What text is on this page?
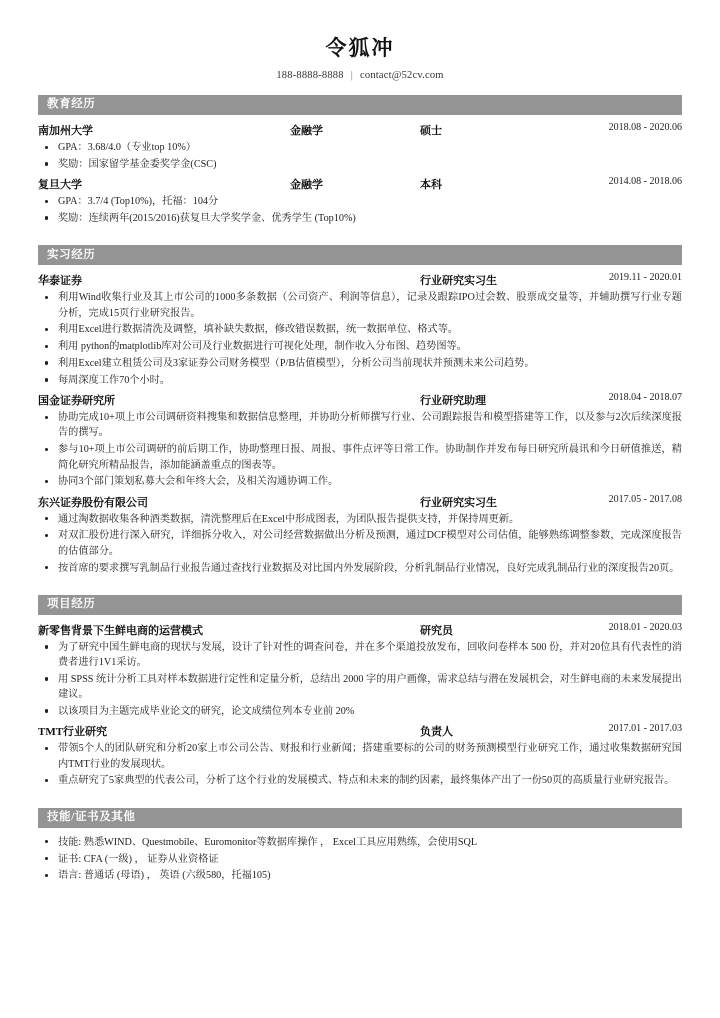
令狐冲
188-8888-8888 | contact@52cv.com
教育经历
南加州大学	金融学	硕士	2018.08 - 2020.06
GPA：3.68/4.0（专业top 10%）
奖励：国家留学基金委奖学金(CSC)
复旦大学	金融学	本科	2014.08 - 2018.06
GPA：3.7/4 (Top10%)，托福：104分
奖励：连续两年(2015/2016)获复旦大学奖学金、优秀学生 (Top10%)
实习经历
华泰证券	行业研究实习生	2019.11 - 2020.01
利用Wind收集行业及其上市公司的1000多条数据（公司资产、利润等信息），记录及跟踪IPO过会数、股票成交量等，并辅助撰写行业专题分析，完成15页行业研究报告。
利用Excel进行数据清洗及调整，填补缺失数据，修改错误数据，统一数据单位、格式等。
利用 python的matplotlib库对公司及行业数据进行可视化处理，制作收入分布图、趋势图等。
利用Excel建立租赁公司及3家证券公司财务模型（P/B估值模型），分析公司当前现状并预测未来公司趋势。
每周深度工作70个小时。
国金证券研究所	行业研究助理	2018.04 - 2018.07
协助完成10+项上市公司调研资料搜集和数据信息整理，并协助分析师撰写行业、公司跟踪报告和模型搭建等工作，以及参与2次后续深度报告的撰写。
参与10+项上市公司调研的前后期工作，协助整理日报、周报、事件点评等日常工作。协助制作并发布每日研究所晨讯和今日研值推送，精简化研究所精品报告，添加能涵盖重点的图表等。
协同3个部门策划私募大会和年终大会，及相关沟通协调工作。
东兴证券股份有限公司	行业研究实习生	2017.05 - 2017.08
通过淘数据收集各种酒类数据，清洗整理后在Excel中形成图表，为团队报告提供支持，并保持周更新。
对双汇股份进行深入研究，详细拆分收入，对公司经营数据做出分析及预测，通过DCF模型对公司估值，能够熟练调整参数，完成深度报告的估值部分。
按首席的要求撰写乳制品行业报告通过查找行业数据及对比国内外发展阶段，分析乳制品行业情况，良好完成乳制品行业的深度报告20页。
项目经历
新零售背景下生鲜电商的运营模式	研究员	2018.01 - 2020.03
为了研究中国生鲜电商的现状与发展，设计了针对性的调查问卷，并在多个渠道投放发布，回收问卷样本 500 份，并对20位具有代表性的消费者进行1V1采访。
用 SPSS 统计分析工具对样本数据进行定性和定量分析，总结出 2000 字的用户画像，需求总结与潜在发展机会，对生鲜电商的未来发展提出建议。
以该项目为主题完成毕业论文的研究，论文成绩位列本专业前 20%
TMT行业研究	负责人	2017.01 - 2017.03
带领5个人的团队研究和分析20家上市公司公告、财报和行业新闻；搭建重要标的公司的财务预测模型行业研究工作，通过收集数据研究国内TMT行业的发展现状。
重点研究了5家典型的代表公司，分析了这个行业的发展模式、特点和未来的制约因素，最终集体产出了一份50页的高质量行业研究报告。
技能/证书及其他
技能: 熟悉WIND、Questmobile、Euromonitor等数据库操作 ， Excel工具应用熟练，会使用SQL
证书: CFA (一级) ， 证券从业资格证
语言: 普通话 (母语) ， 英语 (六级580，托福105)
